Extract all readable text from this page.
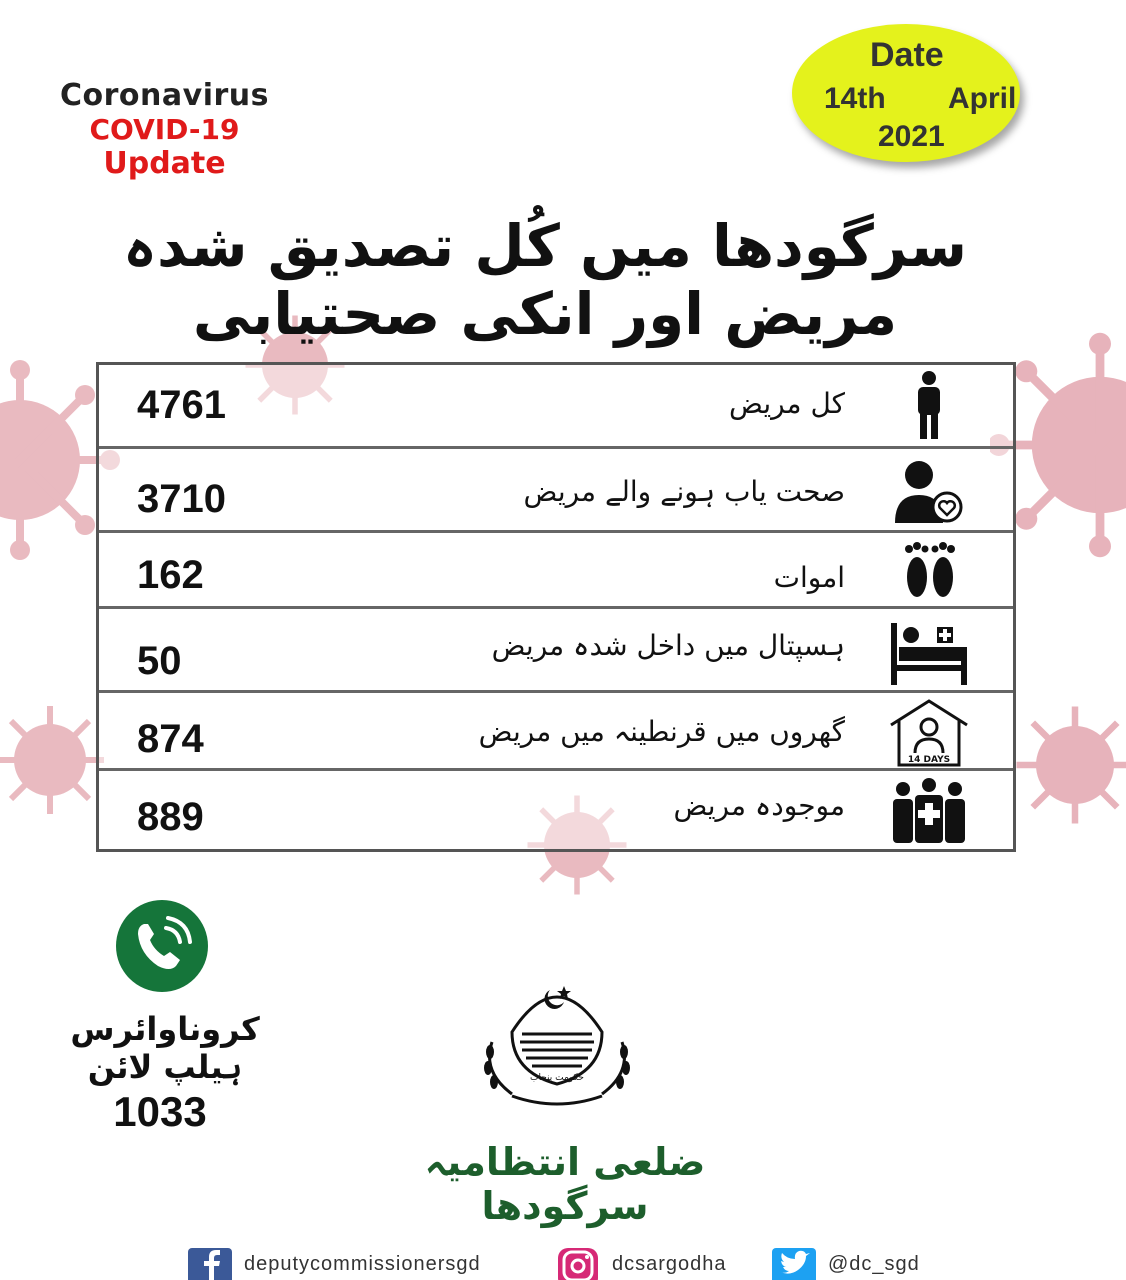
Coronavirus
COVID-19
Update
Date
14th April
2021
سرگودھا میں کُل تصدیق شدہ مریض اور انکی صحتیابی
4761	کل مریض
3710	صحت یاب ہونے والے مریض
162	اموات
50	ہسپتال میں داخل شدہ مریض
874	گھروں میں قرنطینہ میں مریض
14 DAYS
889	موجودہ مریض
کروناوائرس ہیلپ لائن
1033
حکومت پنجاب
ضلعی انتظامیہ سرگودھا
deputycommissionersgd	dcsargodha	@dc_sgd
